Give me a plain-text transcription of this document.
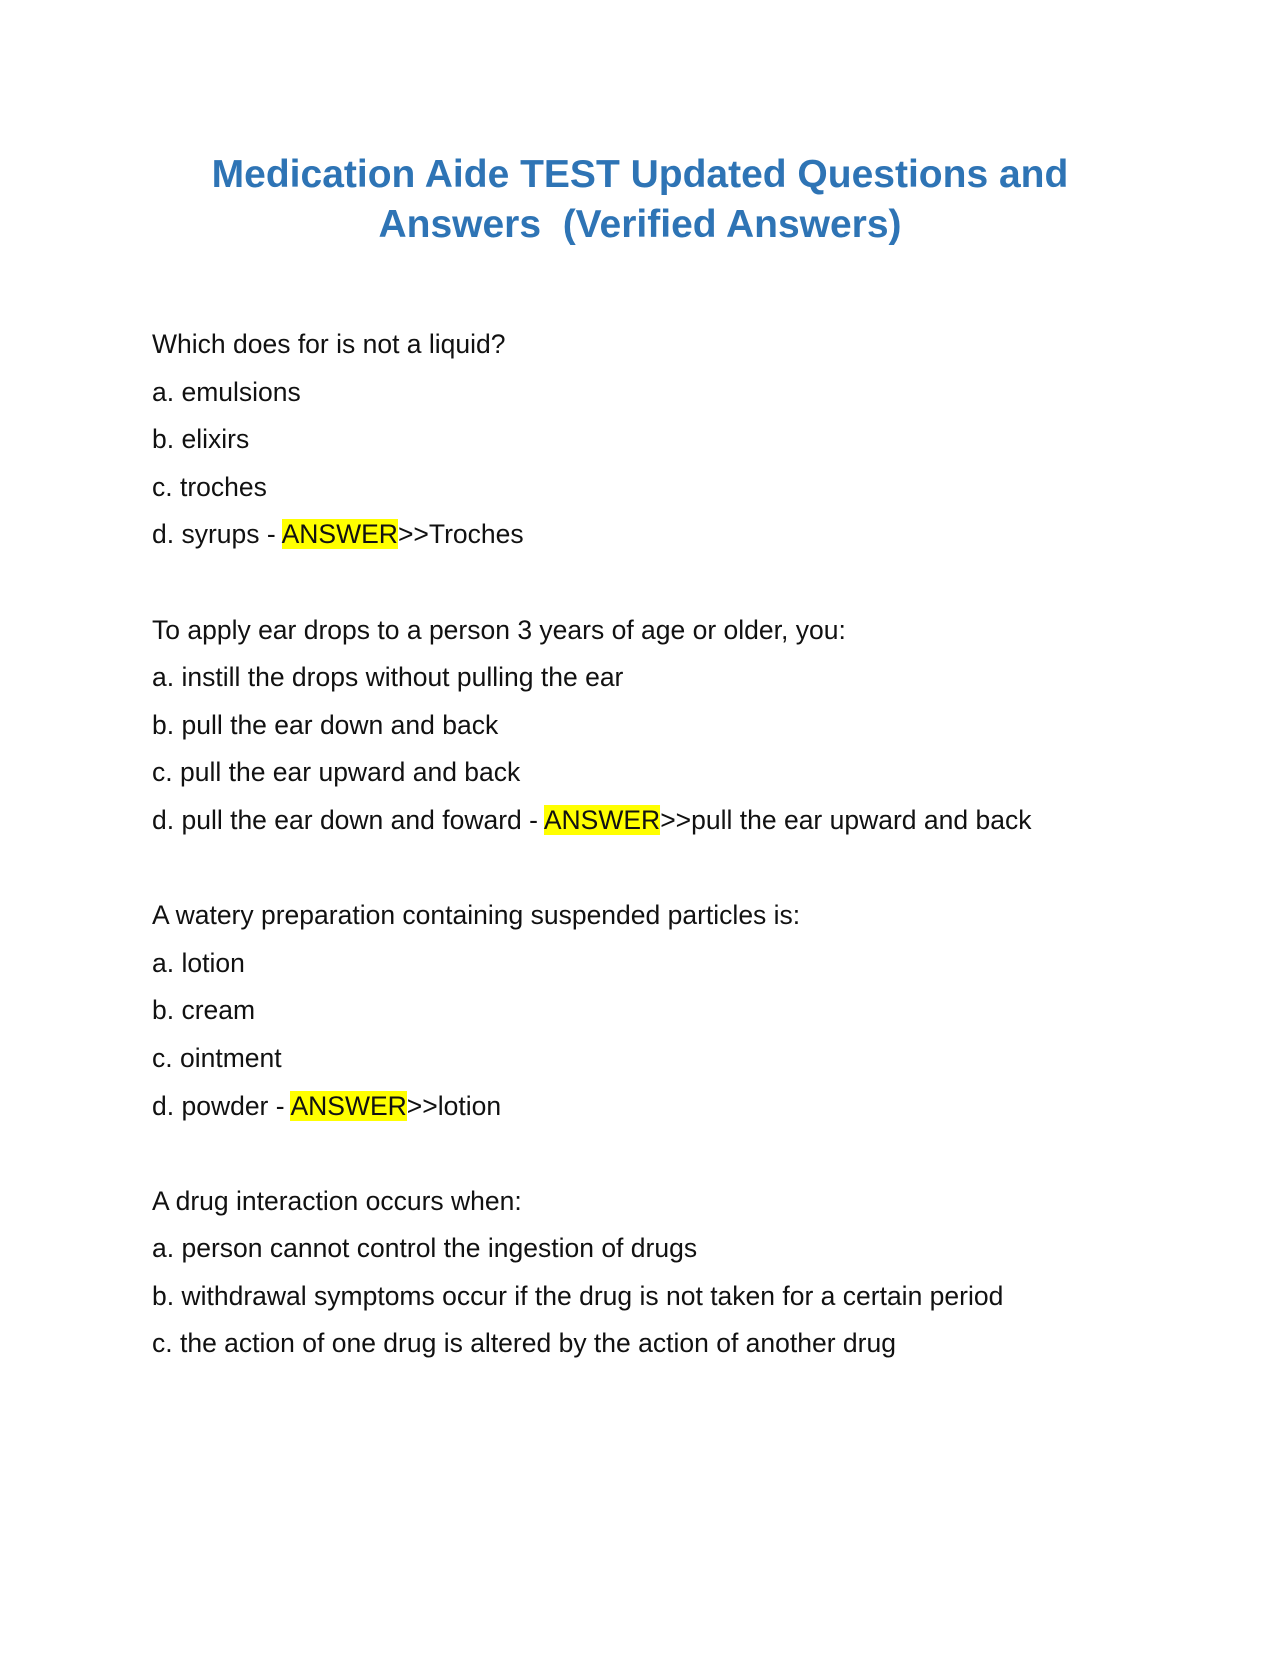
Medication Aide TEST Updated Questions and
Answers  (Verified Answers)
Which does for is not a liquid?
a. emulsions
b. elixirs
c. troches
d. syrups - ANSWER>>Troches
To apply ear drops to a person 3 years of age or older, you:
a. instill the drops without pulling the ear
b. pull the ear down and back
c. pull the ear upward and back
d. pull the ear down and foward - ANSWER>>pull the ear upward and back
A watery preparation containing suspended particles is:
a. lotion
b. cream
c. ointment
d. powder - ANSWER>>lotion
A drug interaction occurs when:
a. person cannot control the ingestion of drugs
b. withdrawal symptoms occur if the drug is not taken for a certain period
c. the action of one drug is altered by the action of another drug
